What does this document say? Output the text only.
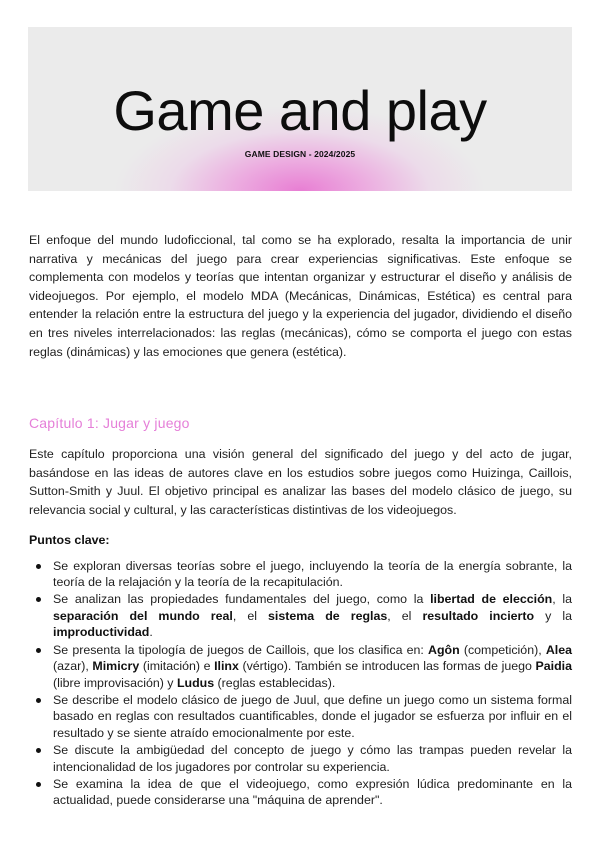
Game and play
GAME DESIGN - 2024/2025

El enfoque del mundo ludoficcional, tal como se ha explorado, resalta la importancia de unir narrativa y mecánicas del juego para crear experiencias significativas. Este enfoque se complementa con modelos y teorías que intentan organizar y estructurar el diseño y análisis de videojuegos. Por ejemplo, el modelo MDA (Mecánicas, Dinámicas, Estética) es central para entender la relación entre la estructura del juego y la experiencia del jugador, dividiendo el diseño en tres niveles interrelacionados: las reglas (mecánicas), cómo se comporta el juego con estas reglas (dinámicas) y las emociones que genera (estética).

Capítulo 1: Jugar y juego

Este capítulo proporciona una visión general del significado del juego y del acto de jugar, basándose en las ideas de autores clave en los estudios sobre juegos como Huizinga, Caillois, Sutton-Smith y Juul. El objetivo principal es analizar las bases del modelo clásico de juego, su relevancia social y cultural, y las características distintivas de los videojuegos.

Puntos clave:
Se exploran diversas teorías sobre el juego, incluyendo la teoría de la energía sobrante, la teoría de la relajación y la teoría de la recapitulación.
Se analizan las propiedades fundamentales del juego, como la libertad de elección, la separación del mundo real, el sistema de reglas, el resultado incierto y la improductividad.
Se presenta la tipología de juegos de Caillois, que los clasifica en: Agôn (competición), Alea (azar), Mimicry (imitación) e Ilinx (vértigo). También se introducen las formas de juego Paidia (libre improvisación) y Ludus (reglas establecidas).
Se describe el modelo clásico de juego de Juul, que define un juego como un sistema formal basado en reglas con resultados cuantificables, donde el jugador se esfuerza por influir en el resultado y se siente atraído emocionalmente por este.
Se discute la ambigüedad del concepto de juego y cómo las trampas pueden revelar la intencionalidad de los jugadores por controlar su experiencia.
Se examina la idea de que el videojuego, como expresión lúdica predominante en la actualidad, puede considerarse una "máquina de aprender".
